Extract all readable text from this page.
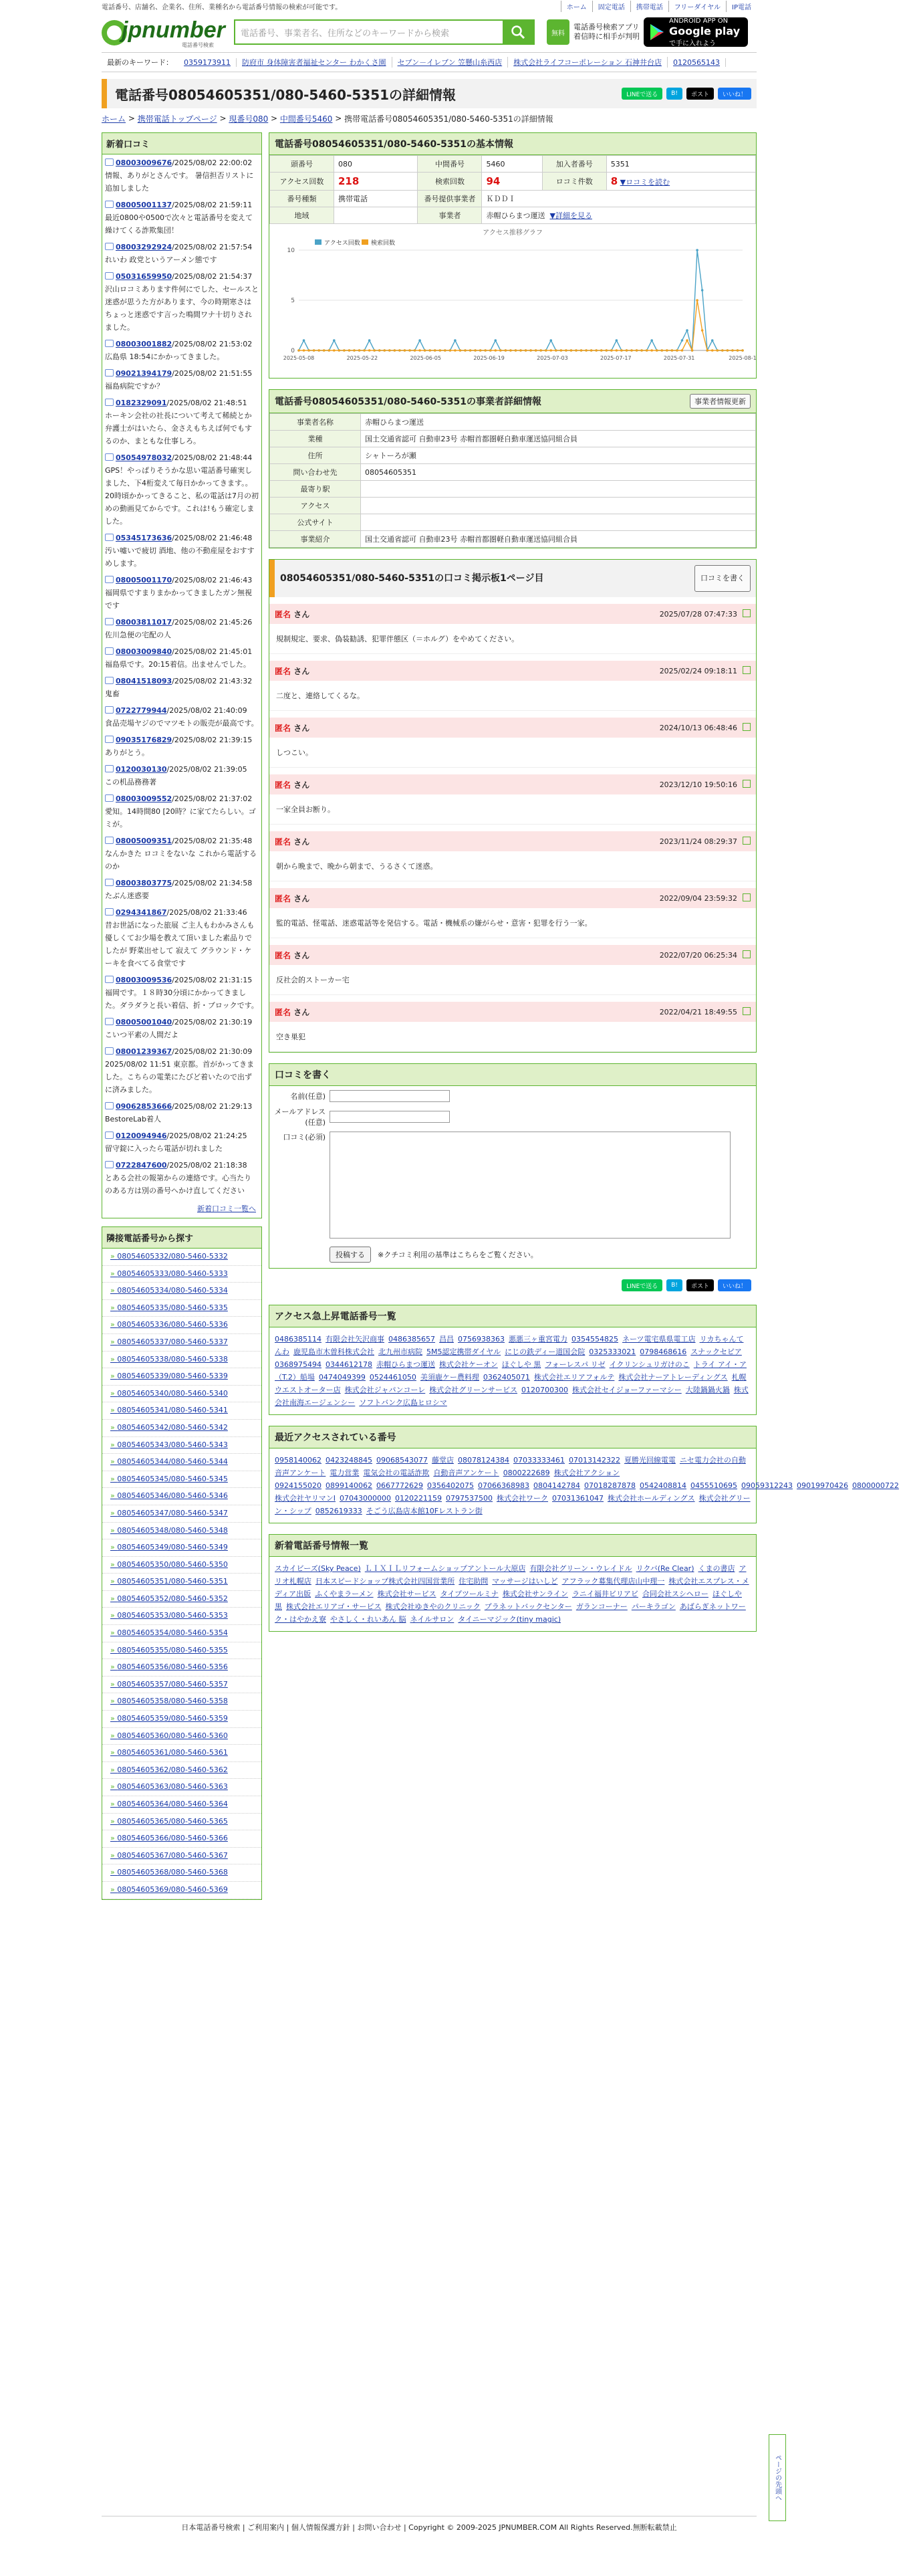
電話番号、店舗名、企業名、住所、業種名から電話番号情報の検索が可能です。	ホーム	固定電話	携帯電話	フリーダイヤル	IP電話
jpnumber
電話番号検索
電話番号、事業者名、住所などのキーワードから検索	無料
電話番号検索アプリ
着信時に相手が判明
ANDROID APP ON
Google play
で手に入れよう
最新のキーワード：	0359173911	防府市 身体障害者福祉センター わかくさ園	セブン－イレブン 笠懸山糸西店	株式会社ライフコーポレーション 石神井台店	0120565143
電話番号08054605351/080-5460-5351の詳細情報	LINEで送る	B!	ポスト	いいね！
ホーム > 携帯電話トップページ > 現番号080 > 中間番号5460 > 携帯電話番号08054605351/080-5460-5351の詳細情報
新着口コミ
08003009676/2025/08/02 22:00:02
情報、ありがとさんです。 暑信担否リストに追加しました
08005001137/2025/08/02 21:59:11
最近0800や0500で次々と電話番号を変えて繰けてくる詐欺集団！
08003292924/2025/08/02 21:57:54
れいわ 政党というアーメン態です
05031659950/2025/08/02 21:54:37
沢山ロコミあります件何にでした、セールスと迷惑が思うた方があります、今の時期寒さはちょっと迷惑です言った鳴間ワナ十切りされました。
08003001882/2025/08/02 21:53:02
広島県 18:54にかかってきました。
09021394179/2025/08/02 21:51:55
福島病院ですか？
0182329091/2025/08/02 21:48:51
ホーキン会社の社長について考えて稀続とか 弁護士がはいたら、金さえもちえば何でもするのか、まともな仕事しろ。
05054978032/2025/08/02 21:48:44
GPS！やっぱりそうかな思い電話番号確実しました、下4桁変えて毎日かかってきます。。20時頃かかってきること、私の電話は7月の初めの動画見てからです。これは!もう確定しました。
05345173636/2025/08/02 21:46:48
汚い嘘いで疲切 酒地、他の不動産屋をおすすめします。
08005001170/2025/08/02 21:46:43
福岡県ですまりまかかってきましたガン無視です
08003811017/2025/08/02 21:45:26
佐川急便の宅配の人
08003009840/2025/08/02 21:45:01
福島県です。20:15着信。出ませんでした。
08041518093/2025/08/02 21:43:32
鬼畜
0722779944/2025/08/02 21:40:09
食品売場ヤジのでマツモトの販売が最高です。
09035176829/2025/08/02 21:39:15
ありがとう。
0120030130/2025/08/02 21:39:05
この机品務務著
08003009552/2025/08/02 21:37:02
愛知。14時間80 [20時？に家てたらしい。ゴミが。
08005009351/2025/08/02 21:35:48
なんかきた ロコミをないな これから電話するのか
08003803775/2025/08/02 21:34:58
たぶん迷惑要
0294341867/2025/08/02 21:33:46
昔お世話になった旅展 ご主人もわかみさんも優しくてお少場を教えて頂いました素品りでしたが 野菜出せして 寂えて グラウンド・ケーキを食べてる食堂です
08003009536/2025/08/02 21:31:15
福岡です。１８時30分頃にかかってきました。ダラダラと長い着信、折・ブロックです。
08005001040/2025/08/02 21:30:19
こいつ平素の人間だよ
08001239367/2025/08/02 21:30:09
2025/08/02 11:51 東京都。首がかってきました。こちらの電業にたびど着いたので出ずに済みました。
09062853666/2025/08/02 21:29:13
BestoreLab着人
0120094946/2025/08/02 21:24:25
留守錠に入ったら電話が切れました
0722847600/2025/08/02 21:18:38
とある会社の報第からの連絡です。心当たりのある方は別の番号へかけ直してください
新着口コミ一覧へ
隣接電話番号から探す
» 08054605332/080-5460-5332
» 08054605333/080-5460-5333
» 08054605334/080-5460-5334
» 08054605335/080-5460-5335
» 08054605336/080-5460-5336
» 08054605337/080-5460-5337
» 08054605338/080-5460-5338
» 08054605339/080-5460-5339
» 08054605340/080-5460-5340
» 08054605341/080-5460-5341
» 08054605342/080-5460-5342
» 08054605343/080-5460-5343
» 08054605344/080-5460-5344
» 08054605345/080-5460-5345
» 08054605346/080-5460-5346
» 08054605347/080-5460-5347
» 08054605348/080-5460-5348
» 08054605349/080-5460-5349
» 08054605350/080-5460-5350
» 08054605351/080-5460-5351
» 08054605352/080-5460-5352
» 08054605353/080-5460-5353
» 08054605354/080-5460-5354
» 08054605355/080-5460-5355
» 08054605356/080-5460-5356
» 08054605357/080-5460-5357
» 08054605358/080-5460-5358
» 08054605359/080-5460-5359
» 08054605360/080-5460-5360
» 08054605361/080-5460-5361
» 08054605362/080-5460-5362
» 08054605363/080-5460-5363
» 08054605364/080-5460-5364
» 08054605365/080-5460-5365
» 08054605366/080-5460-5366
» 08054605367/080-5460-5367
» 08054605368/080-5460-5368
» 08054605369/080-5460-5369
電話番号08054605351/080-5460-5351の基本情報
頭番号	080	中間番号	5460	加入者番号	5351
アクセス回数	218	検索回数	94	ロコミ件数	8 ▼ロコミを読む
番号種類	携帯電話	番号提供事業者	ＫＤＤＩ		
地域		事業者	赤帽ひらまつ運送 ▼詳細を見る		
アクセス推移グラフ
アクセス回数 検索回数
0
5
10
2025-05-08	2025-05-22	2025-06-05	2025-06-19	2025-07-03	2025-07-17	2025-07-31	2025-08-1
電話番号08054605351/080-5460-5351の事業者詳細情報	事業者情報更新
事業者名称	赤帽ひらまつ運送
業種	国土交通省認可 自動車23号 赤帽首都圏軽自動車運送協同組合員
住所	シャトーろが瀬
問い合わせ先	08054605351
最寄り駅	
アクセス	
公式サイト	
事業紹介	国土交通省認可 自動車23号 赤帽首都圏軽自動車運送協同組合員
08054605351/080-5460-5351の口コミ掲示板1ページ目	口コミを書く
匿名 さん	2025/07/28 07:47:33
規制規定、要求、偽装勧誘、犯罪伴態区（＝ホルグ）をやめてください。
匿名 さん	2025/02/24 09:18:11
二度と、連絡してくるな。
匿名 さん	2024/10/13 06:48:46
しつこい。
匿名 さん	2023/12/10 19:50:16
一家全員お断り。
匿名 さん	2023/11/24 08:29:37
朝から晩まで、晩から朝まで、うるさくて迷惑。
匿名 さん	2022/09/04 23:59:32
監的電話、怪電話、迷惑電話等を発信する。電話・機械系の嫌がらせ・意害・犯罪を行う一家。
匿名 さん	2022/07/20 06:25:34
反社会的ストーカー宅
匿名 さん	2022/04/21 18:49:55
空き巣犯
口コミを書く
名前(任意)
メールアドレス(任意)
口コミ(必須)
投稿する	※クチコミ利用の基準はこちらをご覧ください。
LINEで送る	B!	ポスト	いいね！
アクセス急上昇電話番号一覧
0486385114 有限会社矢沢商事 0486385657 昌昌 0756938363 悪悪三ヶ重宮電力 0354554825 ネーツ電宅県県電工店 リカちゃんてんわ 鹿児島市木曽科株式会社 北九州市病院 5M5認定携帯ダイヤル にじの鉄ディー道国会院 0325333021 0798468616 スナックセピア0368975494 0344612178 赤帽ひらまつ運送 株式会社ケーオン ほぐしや 黒 フォーレスパ リゼ イクリンシュリガけのこ トライ アイ・ア（T.2）船場 0474049399 0524461050 美須鹿ケー農料理 0362405071 株式会社エリアフォルテ 株式会社ナーアトレーディングス 札幌ウエストオーター店 株式会社ジャパンコーレ 株式会社グリーンサービス 0120700300 株式会社セイジョーファーマシー 大陸鍋鍋火鍋 株式会社南海エージェンシー ソフトバンク広島ヒロシマ
最近アクセスされている番号
0958140062 0423248845 09068543077 藤堂店 08078124384 07033333461 07013142322 夏勝光回線電電 ニセ電力会社の自動音声アンケート 電力営業 電気会社の電話詐欺 自動音声アンケート 0800222689 株式会社アクション0924155020 0899140062 0667772629 0356402075 07066368983 0804142784 07018287878 0542408814 0455510695 09059312243 09019970426 0800000722株式会社ヤリマンI 07043000000 0120221159 0797537500 株式会社ワーク 07031361047 株式会社ホールディングス 株式会社グリーン・シップ 0852619333 そごう広島店本館10Fレストラン街
新着電話番号情報一覧
スカイビーズ(Sky Peace) ＬＩＸＩＬリフォームショップアントール大原店 有限会社グリーン・ウレイドル リクバ(Re Clear) くまの書店 アリオ札幌店 日本スピードショップ株式会社四国営業所 住宅助問 マッサージはいしど アフラック募集代理店山中理一 株式会社エスプレス・メディア出版 ふくやまラーメン 株式会社サービス タイプツールミナ 株式会社サンライン ラニイ福井ビリアビ 合同会社スシヘロー ほぐしや 黒 株式会社エリアゴ・サービス 株式会社ゆきやのクリニック プラネットバックセンター ガランコーナー パーキラゴン あばらぎネットワーク・はやかえ寮 やさしく・れいあん 脳 ネイルサロン タイニーマジック(tiny magic)
日本電話番号検索 | ご利用案内 | 個人情報保護方針 | お問い合わせ | Copyright © 2009-2025 JPNUMBER.COM All Rights Reserved.無断転載禁止
ページの先頭へ
